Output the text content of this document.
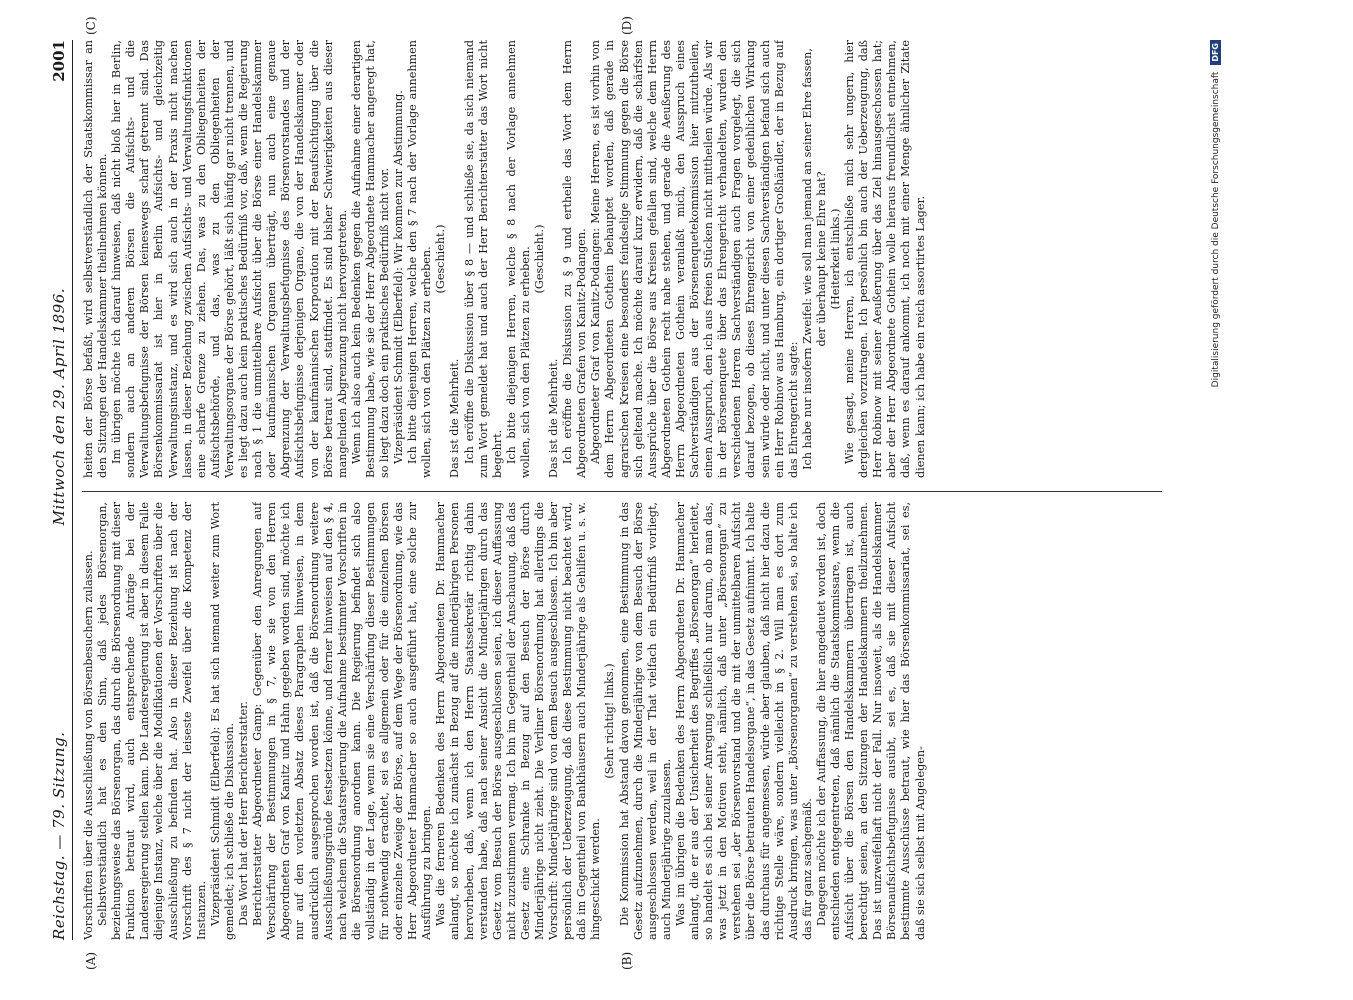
Reichstag. — 79. Sitzung.
Mittwoch den 29. April 1896.
2001
(A)	(B)
(C)	(D)

Vorschriften über die Ausschließung von Börsenbesuchern zulassen. Selbstverständlich hat es den Sinn, daß jedes Börsenorgan, beziehungsweise das Börsenorgan, das durch die Börsenordnung mit dieser Funktion betraut wird, auch entsprechende Anträge bei der Landesregierung stellen kann. Die Landesregierung ist aber in diesem Falle diejenige Instanz, welche über die Modifikationen der Vorschriften über die Ausschließung zu befinden hat. Also in dieser Beziehung ist nach der Vorschrift des § 7 nicht der leiseste Zweifel über die Kompetenz der Instanzen. Vizepräsident Schmidt (Elberfeld): Es hat sich niemand weiter zum Wort gemeldet; ich schließe die Diskussion. Das Wort hat der Herr Berichterstatter. Berichterstatter Abgeordneter Gamp: Gegenüber den Anregungen auf Verschärfung der Bestimmungen in § 7, wie sie von den Herren Abgeordneten Graf von Kanitz und Hahn gegeben worden sind, möchte ich nur auf den vorletzten Absatz dieses Paragraphen hinweisen, in dem ausdrücklich ausgesprochen worden ist, daß die Börsenordnung weitere Ausschließungsgründe festsetzen könne, und ferner hinweisen auf den § 4, nach welchem die Staatsregierung die Aufnahme bestimmter Vorschriften in die Börsenordnung anordnen kann. Die Regierung befindet sich also vollständig in der Lage, wenn sie eine Verschärfung dieser Bestimmungen für nothwendig erachtet, sei es allgemein oder für die einzelnen Börsen oder einzelne Zweige der Börse, auf dem Wege der Börsenordnung, wie das Herr Abgeordneter Hammacher so auch ausgeführt hat, eine solche zur Ausführung zu bringen. Was die ferneren Bedenken des Herrn Abgeordneten Dr. Hammacher anlangt, so möchte ich zunächst in Bezug auf die minderjährigen Personen hervorheben, daß, wenn ich den Herrn Staatssekretär richtig dahin verstanden habe, daß nach seiner Ansicht die Minderjährigen durch das Gesetz vom Besuch der Börse ausgeschlossen seien, ich dieser Auffassung nicht zuzustimmen vermag. Ich bin im Gegentheil der Anschauung, daß das Gesetz eine Schranke in Bezug auf den Besuch der Börse durch Minderjährige nicht zieht. Die Verliner Börsenordnung hat allerdings die Vorschrift: Minderjährige sind von dem Besuch ausgeschlossen. Ich bin aber persönlich der Ueberzeugung, daß diese Bestimmung nicht beachtet wird, daß im Gegentheil von Bankhäusern auch Minderjährige als Gehilfen u. s. w. hingeschickt werden.

(Sehr richtig! links.) Die Kommission hat Abstand davon genommen, eine Bestimmung in das Gesetz aufzunehmen, durch die Minderjährige von dem Besuch der Börse ausgeschlossen werden, weil in der That vielfach ein Bedürfniß vorliegt, auch Minderjährige zuzulassen. Was im übrigen die Bedenken des Herrn Abgeordneten Dr. Hammacher anlangt, die er aus der Unsicherheit des Begriffes „Börsenorgan“ herleitet, so handelt es sich bei seiner Anregung schließlich nur darum, ob man das, was jetzt in den Motiven steht, nämlich, daß unter „Börsenorgan“ zu verstehen sei „der Börsenvorstand und die mit der unmittelbaren Aufsicht über die Börse betrauten Handelsorgane“, in das Gesetz aufnimmt. Ich halte das durchaus für angemessen, würde aber glauben, daß nicht hier dazu die richtige Stelle wäre, sondern vielleicht in § 2. Will man es dort zum Ausdruck bringen, was unter „Börsenorganen“ zu verstehen sei, so halte ich das für ganz sachgemäß. Dagegen möchte ich der Auffassung, die hier angedeutet worden ist, doch entschieden entgegentreten, daß nämlich die Staatskommissare, wenn die Aufsicht über die Börsen den Handelskammern übertragen ist, auch berechtigt seien, an den Sitzungen der Handelskammern theilzunehmen. Das ist unzweifelhaft nicht der Fall. Nur insoweit, als die Handelskammer Börsenaufsichtsbefugnisse ausübt, sei es, daß sie mit dieser Aufsicht bestimmte Ausschüsse betraut, wie hier das Börsenkommissariat, sei es, daß sie sich selbst mit Angelegen-

heiten der Börse befaßt, wird selbstverständlich der Staatskommissar an den Sitzungen der Handelskammer theilnehmen können. Im übrigen möchte ich darauf hinweisen, daß nicht bloß hier in Berlin, sondern auch an anderen Börsen die Aufsichts- und die Verwaltungsbefugnisse der Börsen keineswegs scharf getrennt sind. Das Börsenkommissariat ist hier in Berlin Aufsichts- und gleichzeitig Verwaltungsinstanz, und es wird sich auch in der Praxis nicht machen lassen, in dieser Beziehung zwischen Aufsichts- und Verwaltungsfunktionen eine scharfe Grenze zu ziehen. Das, was zu den Obliegenheiten der Aufsichtsbehörde, und das, was zu den Obliegenheiten der Verwaltungsorgane der Börse gehört, läßt sich häufig gar nicht trennen, und es liegt dazu auch kein praktisches Bedürfniß vor, daß, wenn die Regierung nach § 1 die unmittelbare Aufsicht über die Börse einer Handelskammer oder kaufmännischen Organen überträgt, nun auch eine genaue Abgrenzung der Verwaltungsbefugnisse des Börsenvorstandes und der Aufsichtsbefugnisse derjenigen Organe, die von der Handelskammer oder von der kaufmännischen Korporation mit der Beaufsichtigung über die Börse betraut sind, stattfindet. Es sind bisher Schwierigkeiten aus dieser mangelnden Abgrenzung nicht hervorgetreten. Wenn ich also auch kein Bedenken gegen die Aufnahme einer derartigen Bestimmung habe, wie sie der Herr Abgeordnete Hammacher angeregt hat, so liegt dazu doch ein praktisches Bedürfniß nicht vor. Vizepräsident Schmidt (Elberfeld): Wir kommen zur Abstimmung. Ich bitte diejenigen Herren, welche den § 7 nach der Vorlage annehmen wollen, sich von den Plätzen zu erheben. (Geschieht.)

Das ist die Mehrheit. Ich eröffne die Diskussion über § 8 — und schließe sie, da sich niemand zum Wort gemeldet hat und auch der Herr Berichterstatter das Wort nicht begehrt. Ich bitte diejenigen Herren, welche § 8 nach der Vorlage annehmen wollen, sich von den Plätzen zu erheben. (Geschieht.)

Das ist die Mehrheit. Ich eröffne die Diskussion zu § 9 und ertheile das Wort dem Herrn Abgeordneten Grafen von Kanitz-Podangen. Abgeordneter Graf von Kanitz-Podangen: Meine Herren, es ist vorhin von dem Herrn Abgeordneten Gothein behauptet worden, daß gerade in agrarischen Kreisen eine besonders feindselige Stimmung gegen die Börse sich geltend mache. Ich möchte darauf kurz erwidern, daß die schärfsten Aussprüche über die Börse aus Kreisen gefallen sind, welche dem Herrn Abgeordneten Gothein recht nahe stehen, und gerade die Aeußerung des Herrn Abgeordneten Gothein veranlaßt mich, den Ausspruch eines Sachverständigen aus der Börsenenquetekommission hier mitzutheilen, einen Ausspruch, den ich aus freien Stücken nicht mittheilen würde. Als wir in der Börsenenquete über das Ehrengericht verhandelten, wurden den verschiedenen Herren Sachverständigen auch Fragen vorgelegt, die sich darauf bezogen, ob dieses Ehrengericht von einer gedeihlichen Wirkung sein würde oder nicht, und unter diesen Sachverständigen befand sich auch ein Herr Robinow aus Hamburg, ein dortiger Großhändler, der in Bezug auf das Ehrengericht sagte: Ich habe nur insofern Zweifel: wie soll man jemand an seiner Ehre fassen, der überhaupt keine Ehre hat? (Heiterkeit links.) Wie gesagt, meine Herren, ich entschließe mich sehr ungern, hier dergleichen vorzutragen. Ich persönlich bin auch der Ueberzeugung, daß Herr Robinow mit seiner Aeußerung über das Ziel hinausgeschossen hat; aber der Herr Abgeordnete Gothein wolle hieraus freundlichst entnehmen, daß, wenn es darauf ankommt, ich noch mit einer Menge ähnlicher Zitate dienen kann; ich habe ein reich assortirtes Lager.	Digitalisierung gefördert durch die Deutsche Forschungsgemeinschaft DFG
